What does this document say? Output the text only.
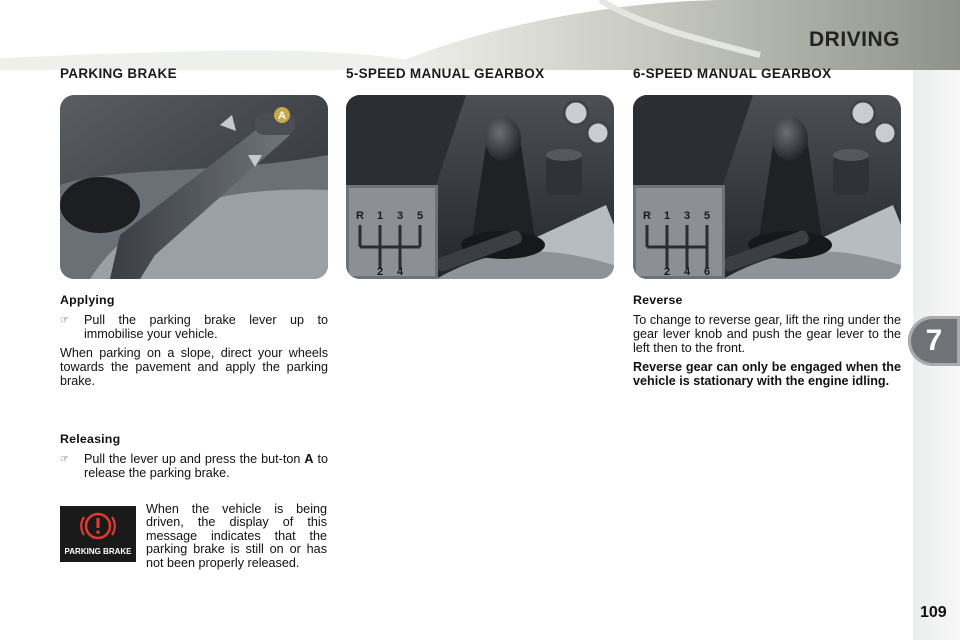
DRIVING
7
109
PARKING BRAKE
A
Applying
☞	Pull the parking brake lever up to immobilise your vehicle.
When parking on a slope, direct your wheels towards the pavement and apply the parking brake.
Releasing
☞	Pull the lever up and press the but-ton A to release the parking brake.
PARKING BRAKE
When the vehicle is being driven, the display of this message indicates that the parking brake is still on or has not been properly released.
5-SPEED MANUAL GEARBOX
R 1 3 5
2 4
6-SPEED MANUAL GEARBOX
R 1 3 5
2 4 6
Reverse
To change to reverse gear, lift the ring under the gear lever knob and push the gear lever to the left then to the front.
Reverse gear can only be engaged when the vehicle is stationary with the engine idling.
